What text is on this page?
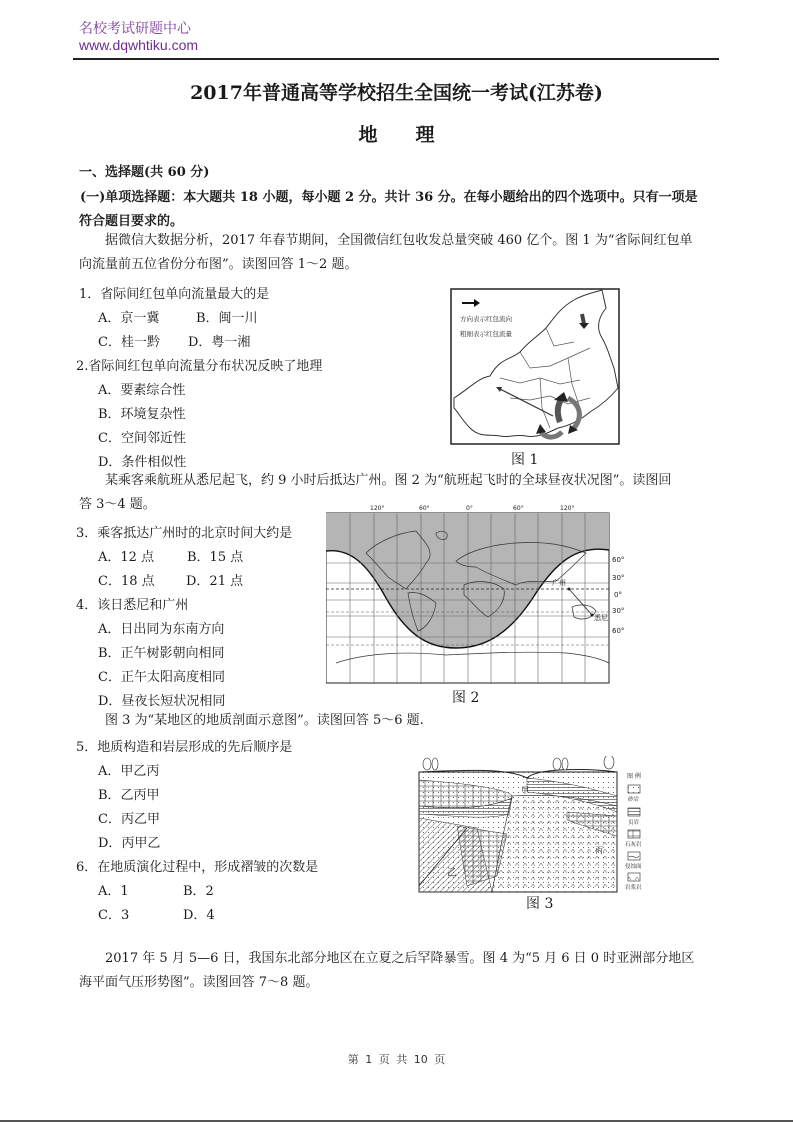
名校考试研题中心
www.dqwhtiku.com
2017年普通高等学校招生全国统一考试(江苏卷)
地理
一、选择题(共 60 分)
(一)单项选择题：本大题共 18 小题，每小题 2 分。共计 36 分。在每小题给出的四个选项中。只有一项是
符合题目要求的。
据微信大数据分析，2017 年春节期间，全国微信红包收发总量突破 460 亿个。图 1 为“省际间红包单
向流量前五位省份分布图”。读图回答 1～2 题。
1．省际间红包单向流量最大的是
A．京一冀	B．闽一川
C．桂一黔 D．粤一湘
2.省际间红包单向流量分布状况反映了地理
A．要素综合性
B．环境复杂性
C．空间邻近性
D．条件相似性
方向表示红包流向
粗细表示红包流量
图 1
某乘客乘航班从悉尼起飞，约 9 小时后抵达广州。图 2 为“航班起飞时的全球昼夜状况图”。读图回
答 3～4 题。
3．乘客抵达广州时的北京时间大约是
A．12 点	B．15 点
C．18 点 D．21 点
4．该日悉尼和广州
A．日出同为东南方向
B．正午树影朝向相同
C．正午太阳高度相同
D．昼夜长短状况相同
120°	60°	0°	60°	120°
广州
悉尼
60°
30°
0°
30°
60°
图 2
图 3 为“某地区的地质剖面示意图”。读图回答 5～6 题.
5．地质构造和岩层形成的先后顺序是
A．甲乙丙
B．乙丙甲
C．丙乙甲
D．丙甲乙
6．在地质演化过程中，形成褶皱的次数是
A．1	B．2
C．3	D．4
甲
乙
丙
图 例
砂岩
页岩
石灰岩
侵蚀面
岩浆岩
图 3
2017 年 5 月 5—6 日，我国东北部分地区在立夏之后罕降暴雪。图 4 为“5 月 6 日 0 时亚洲部分地区
海平面气压形势图”。读图回答 7～8 题。
第 1 页 共 10 页
